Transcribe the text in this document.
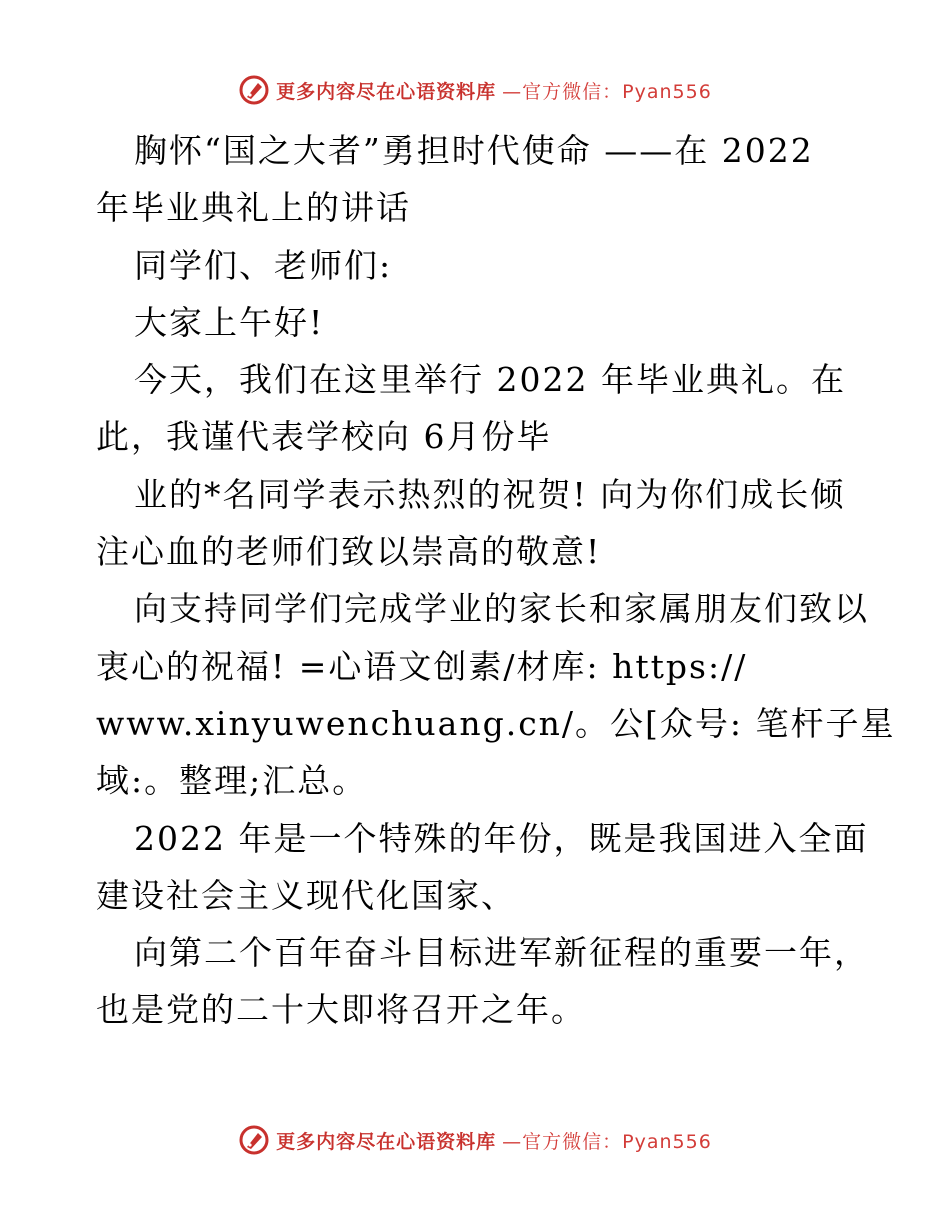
更多内容尽在心语资料库 —官方微信：Pyan556
胸怀“国之大者”勇担时代使命 ——在 2022
年毕业典礼上的讲话
同学们、老师们:
大家上午好!
今天，我们在这里举行 2022 年毕业典礼。在
此，我谨代表学校向 6月份毕
业的*名同学表示热烈的祝贺! 向为你们成长倾
注心血的老师们致以崇高的敬意!
向支持同学们完成学业的家长和家属朋友们致以
衷心的祝福! =心语文创素/材库: https://
www.xinyuwenchuang.cn/。公[众号: 笔杆子星
域:。整理;汇总。
2022 年是一个特殊的年份，既是我国进入全面
建设社会主义现代化国家、
向第二个百年奋斗目标进军新征程的重要一年，
也是党的二十大即将召开之年。
更多内容尽在心语资料库 —官方微信：Pyan556
